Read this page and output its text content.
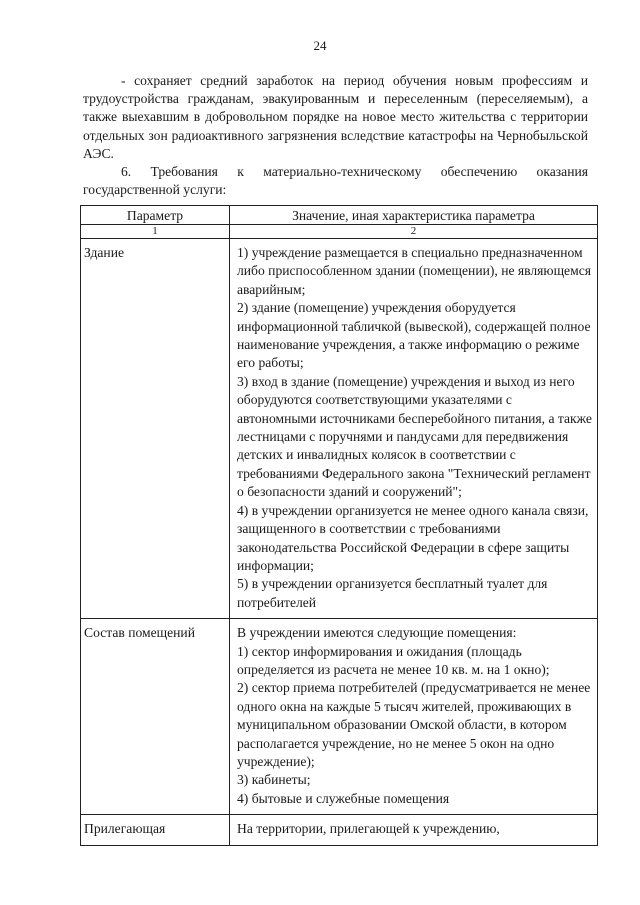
24

- сохраняет средний заработок на период обучения новым профессиям и трудоустройства гражданам, эвакуированным и переселенным (переселяемым), а также выехавшим в добровольном порядке на новое место жительства с территории отдельных зон радиоактивного загрязнения вследствие катастрофы на Чернобыльской АЭС.

6. Требования к материально-техническому обеспечению оказания государственной услуги:

Параметр	Значение, иная характеристика параметра
1	2
Здание	1) учреждение размещается в специально предназначенном либо приспособленном здании (помещении), не являющемся аварийным;
2) здание (помещение) учреждения оборудуется информационной табличкой (вывеской), содержащей полное наименование учреждения, а также информацию о режиме его работы;
3) вход в здание (помещение) учреждения и выход из него оборудуются соответствующими указателями с автономными источниками бесперебойного питания, а также лестницами с поручнями и пандусами для передвижения детских и инвалидных колясок в соответствии с требованиями Федерального закона "Технический регламент о безопасности зданий и сооружений";
4) в учреждении организуется не менее одного канала связи, защищенного в соответствии с требованиями законодательства Российской Федерации в сфере защиты информации;
5) в учреждении организуется бесплатный туалет для потребителей

Состав помещений	В учреждении имеются следующие помещения:
1) сектор информирования и ожидания (площадь определяется из расчета не менее 10 кв. м. на 1 окно);
2) сектор приема потребителей (предусматривается не менее одного окна на каждые 5 тысяч жителей, проживающих в муниципальном образовании Омской области, в котором располагается учреждение, но не менее 5 окон на одно учреждение);
3) кабинеты;
4) бытовые и служебные помещения

Прилегающая	На территории, прилегающей к учреждению,
